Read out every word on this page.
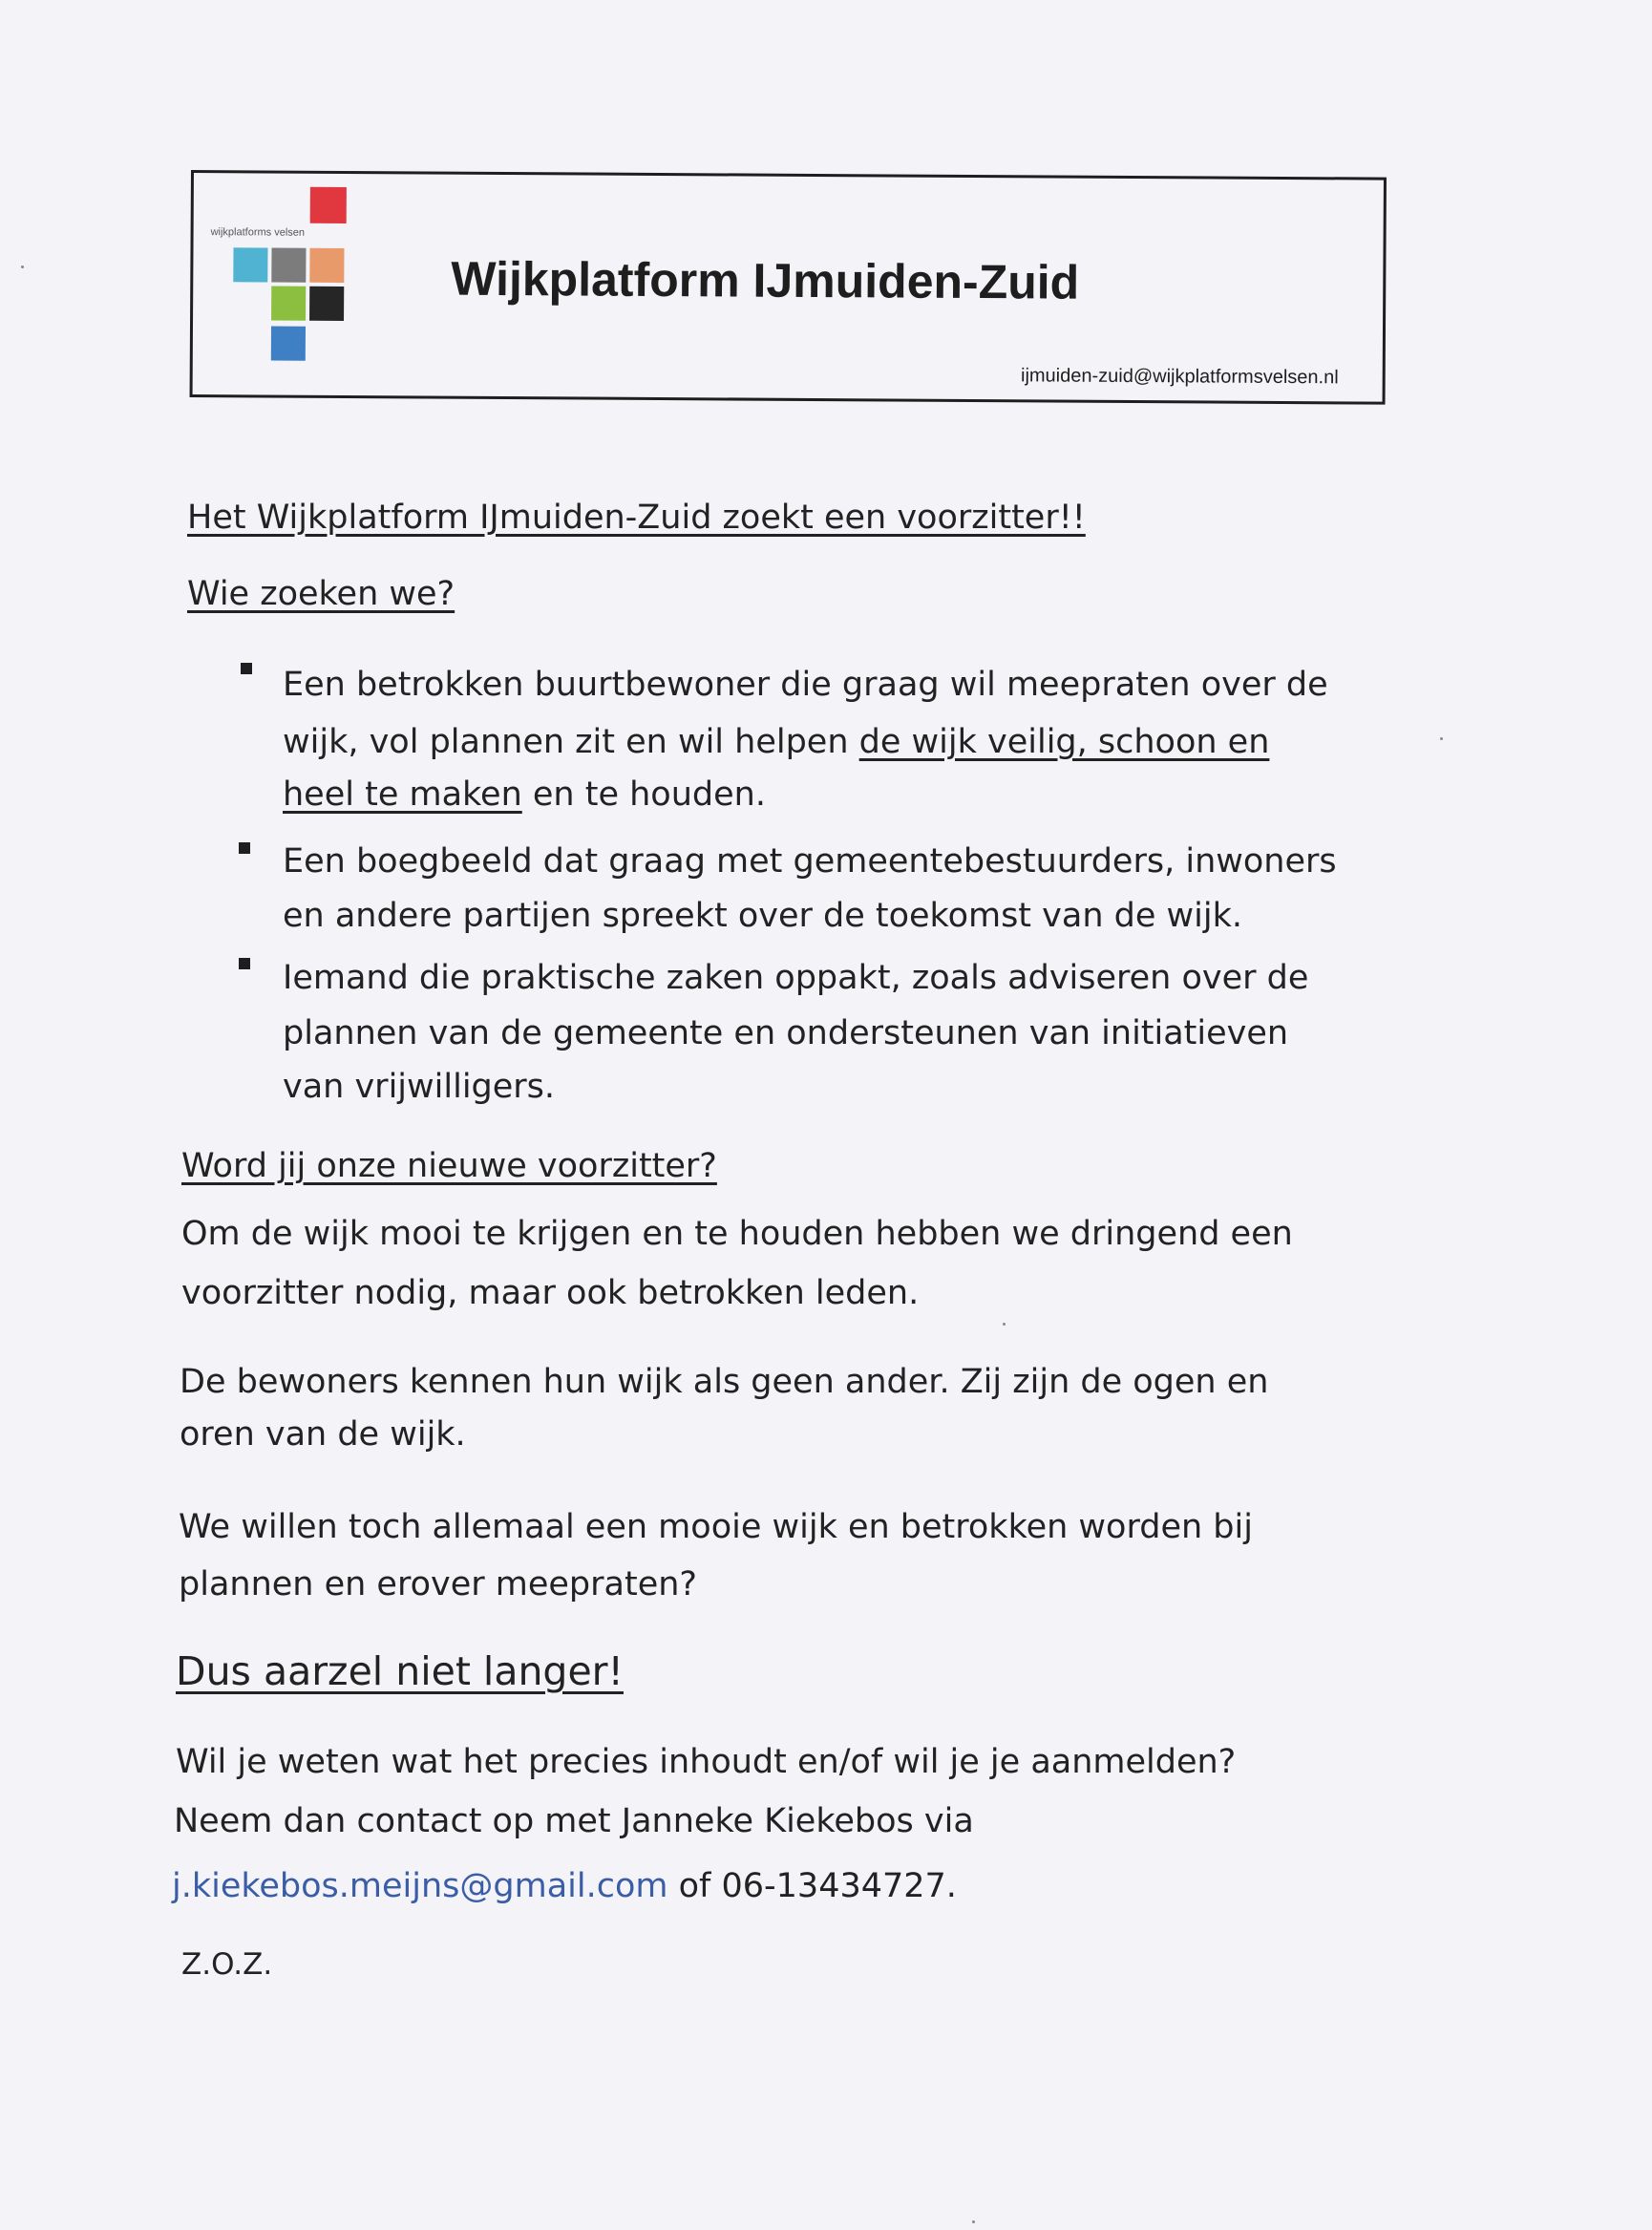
wijkplatforms velsen
Wijkplatform IJmuiden-Zuid
ijmuiden-zuid@wijkplatformsvelsen.nl
Het Wijkplatform IJmuiden-Zuid zoekt een voorzitter!!
Wie zoeken we?
Een betrokken buurtbewoner die graag wil meepraten over de
wijk, vol plannen zit en wil helpen de wijk veilig, schoon en
heel te maken en te houden.
Een boegbeeld dat graag met gemeentebestuurders, inwoners
en andere partijen spreekt over de toekomst van de wijk.
Iemand die praktische zaken oppakt, zoals adviseren over de
plannen van de gemeente en ondersteunen van initiatieven
van vrijwilligers.
Word jij onze nieuwe voorzitter?
Om de wijk mooi te krijgen en te houden hebben we dringend een
voorzitter nodig, maar ook betrokken leden.
De bewoners kennen hun wijk als geen ander. Zij zijn de ogen en
oren van de wijk.
We willen toch allemaal een mooie wijk en betrokken worden bij
plannen en erover meepraten?
Dus aarzel niet langer!
Wil je weten wat het precies inhoudt en/of wil je je aanmelden?
Neem dan contact op met Janneke Kiekebos via
j.kiekebos.meijns@gmail.com of 06-13434727.
Z.O.Z.
